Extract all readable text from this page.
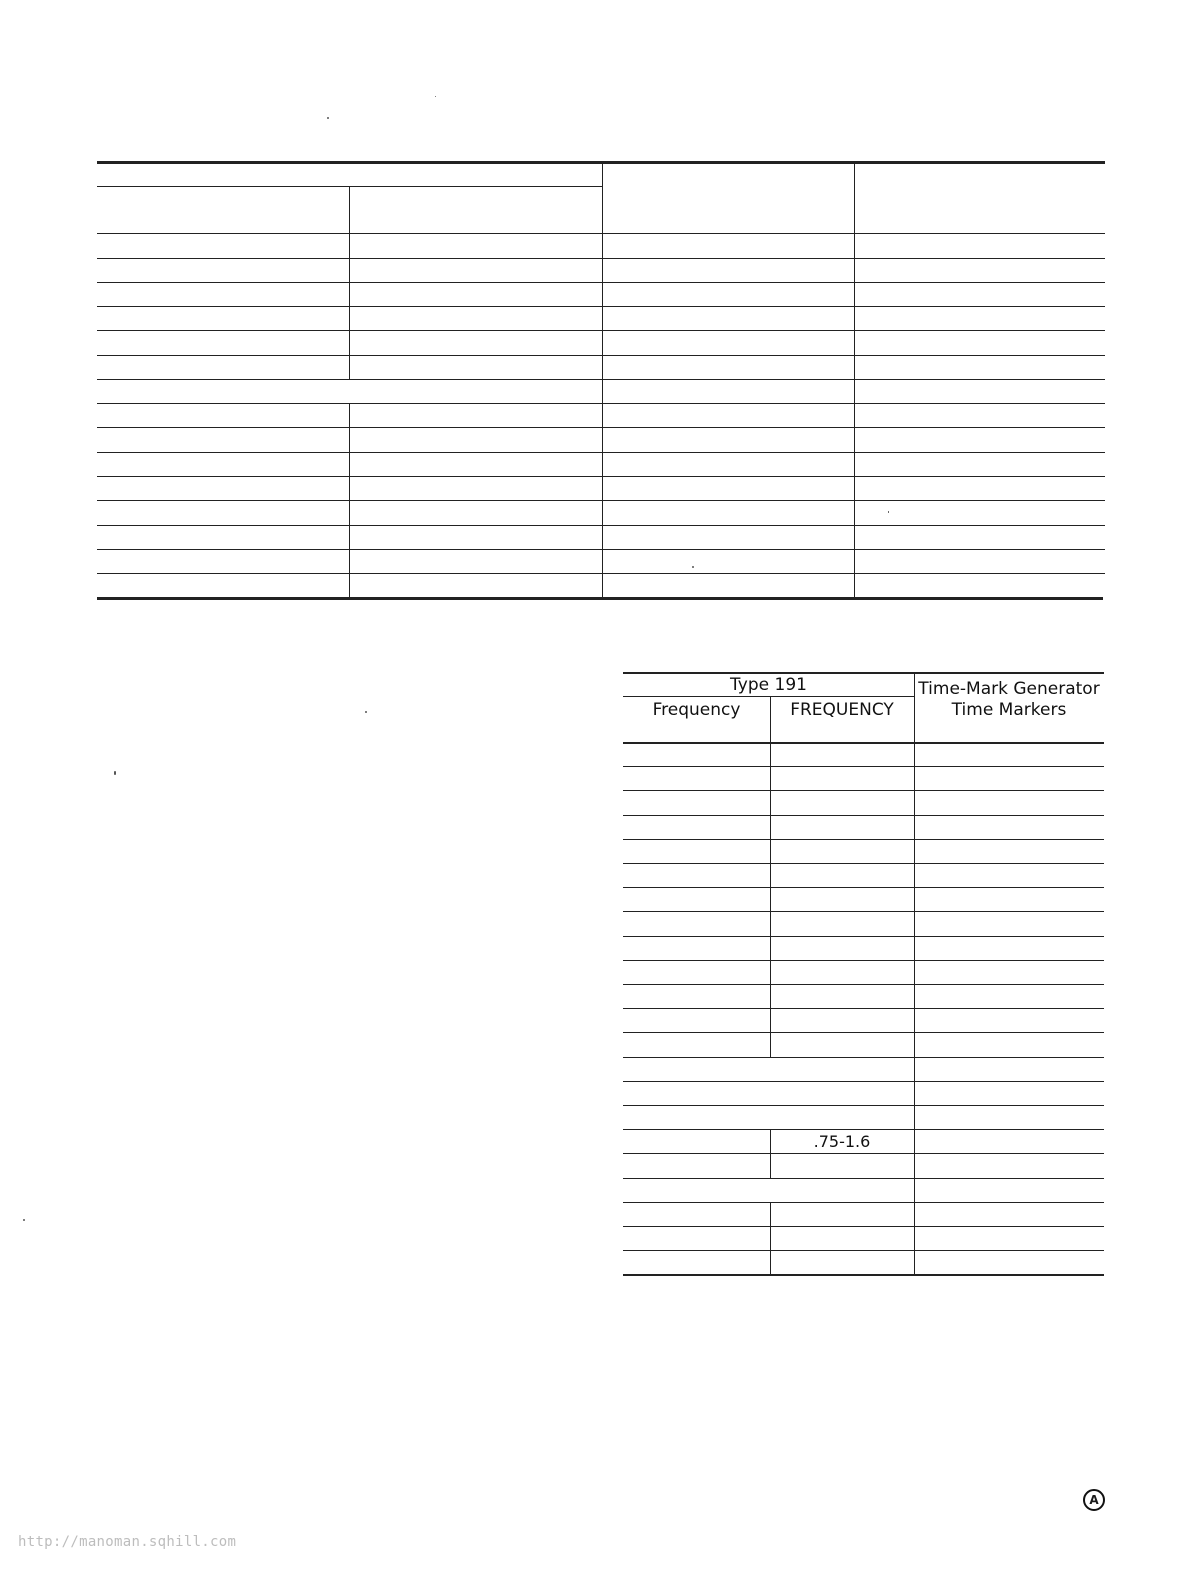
Type 191
Frequency	FREQUENCY
Time-Mark Generator
Time Markers
.75-1.6
A
http://manoman.sqhill.com
